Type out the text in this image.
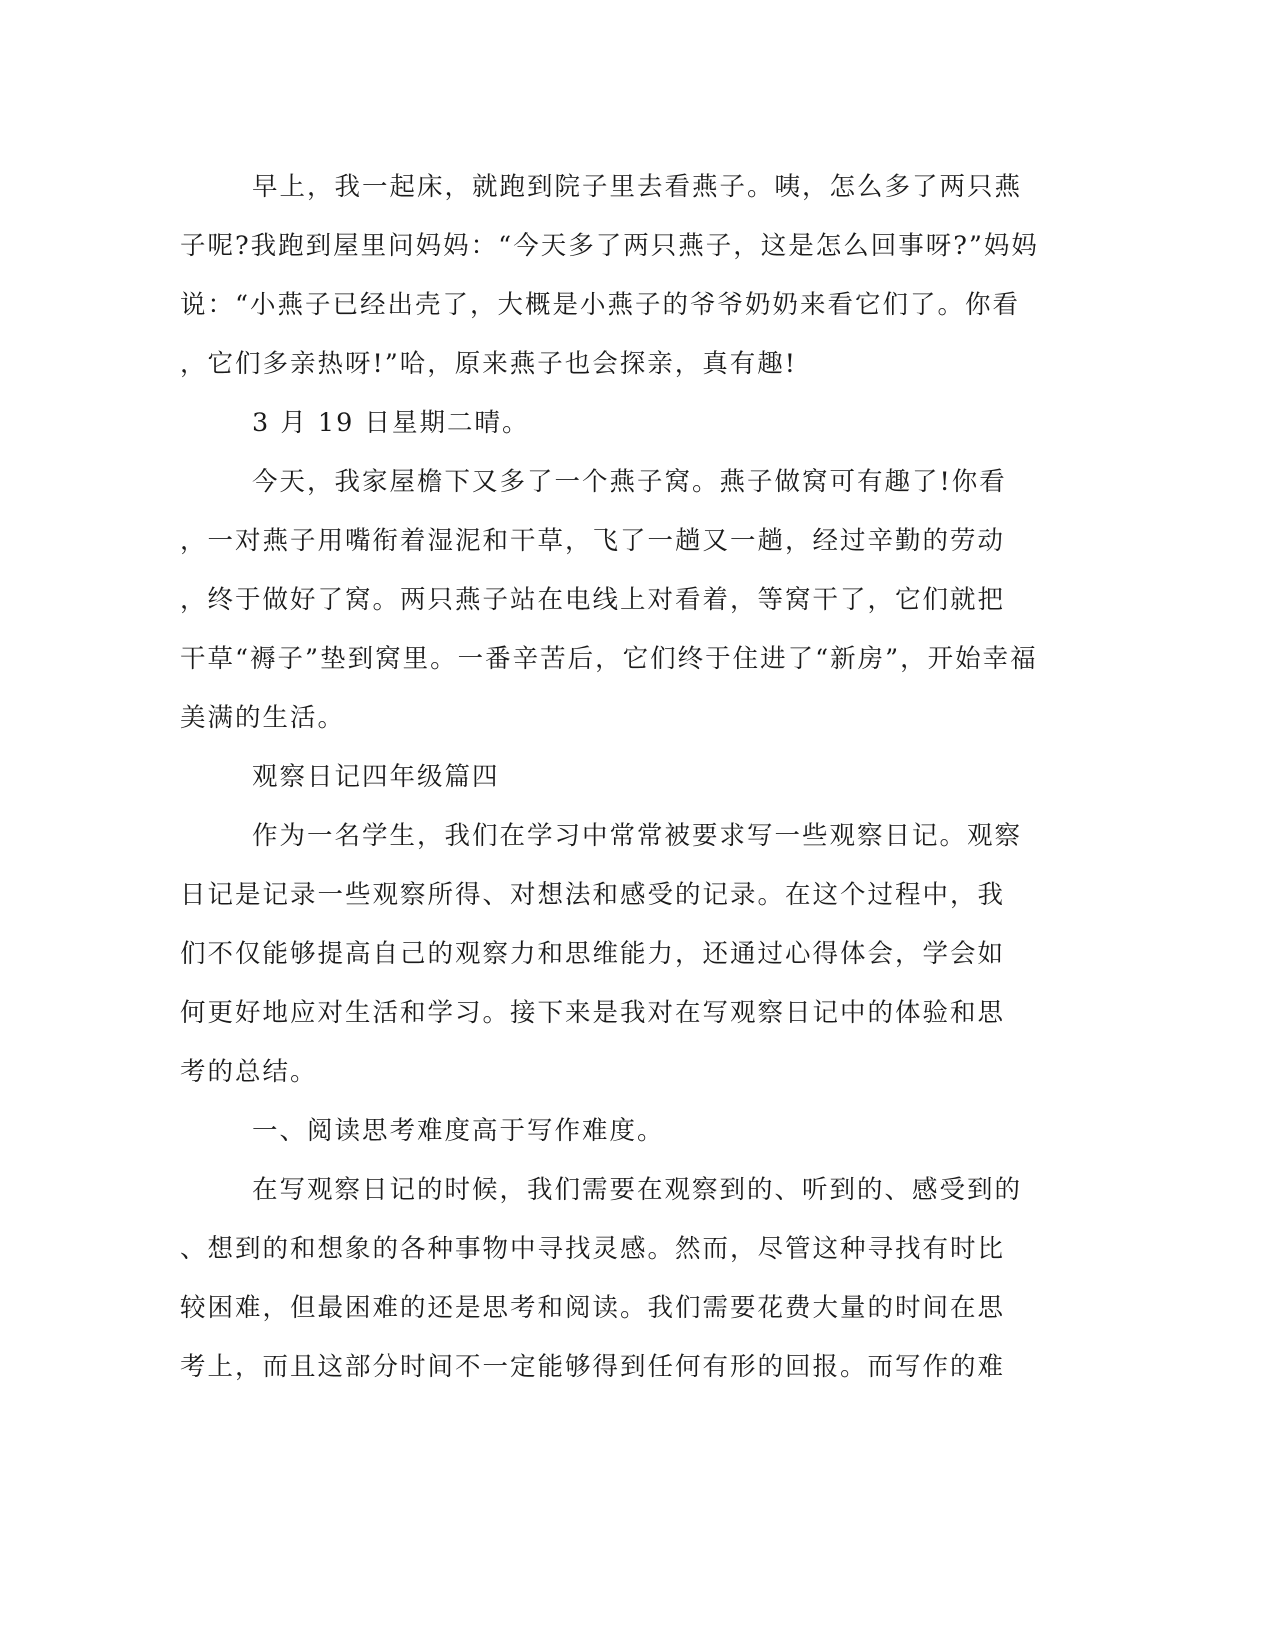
早上，我一起床，就跑到院子里去看燕子。咦，怎么多了两只燕
子呢?我跑到屋里问妈妈：“今天多了两只燕子，这是怎么回事呀?”妈妈
说：“小燕子已经出壳了，大概是小燕子的爷爷奶奶来看它们了。你看
，它们多亲热呀!”哈，原来燕子也会探亲，真有趣!
3 月 19 日星期二晴。
今天，我家屋檐下又多了一个燕子窝。燕子做窝可有趣了!你看
，一对燕子用嘴衔着湿泥和干草，飞了一趟又一趟，经过辛勤的劳动
，终于做好了窝。两只燕子站在电线上对看着，等窝干了，它们就把
干草“褥子”垫到窝里。一番辛苦后，它们终于住进了“新房”，开始幸福
美满的生活。
观察日记四年级篇四
作为一名学生，我们在学习中常常被要求写一些观察日记。观察
日记是记录一些观察所得、对想法和感受的记录。在这个过程中，我
们不仅能够提高自己的观察力和思维能力，还通过心得体会，学会如
何更好地应对生活和学习。接下来是我对在写观察日记中的体验和思
考的总结。
一、阅读思考难度高于写作难度。
在写观察日记的时候，我们需要在观察到的、听到的、感受到的
、想到的和想象的各种事物中寻找灵感。然而，尽管这种寻找有时比
较困难，但最困难的还是思考和阅读。我们需要花费大量的时间在思
考上，而且这部分时间不一定能够得到任何有形的回报。而写作的难
